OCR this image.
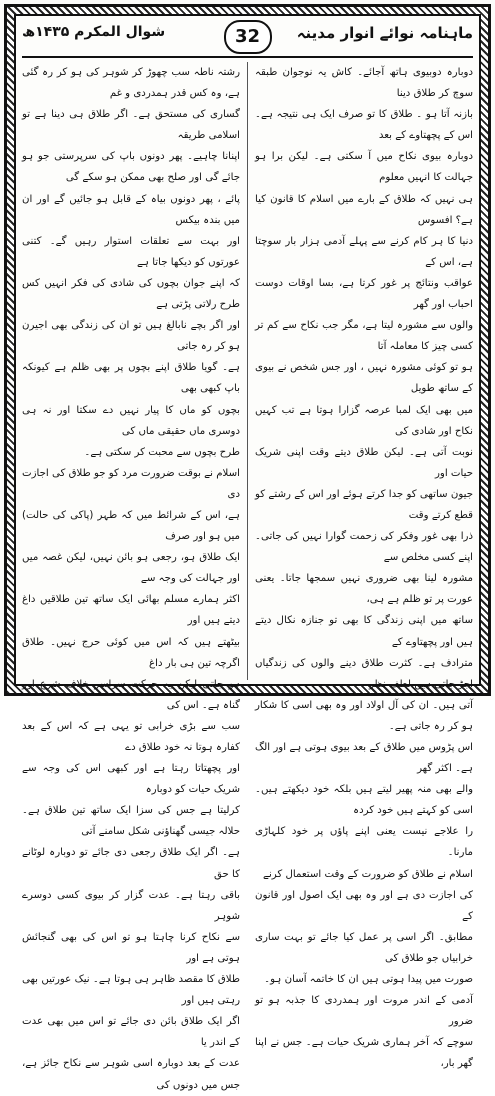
ماہنامہ نوائے انوار مدینہ
32
شوال المکرم ۱۴۳۵ھ

دوبارہ دوبیوی ہاتھ آجائے۔ کاش یہ نوجوان طبقہ سوچ کر طلاق دینا

بازنہ آتا ہو ۔ طلاق کا تو صرف ایک ہی نتیجہ ہے۔ اس کے پچھتاوے کے بعد

دوبارہ بیوی نکاح میں آ سکتی ہے۔ لیکن برا ہو جہالت کا انہیں معلوم

ہی نہیں کہ طلاق کے بارے میں اسلام کا قانون کیا ہے؟ افسوس

دنیا کا ہر کام کرنے سے پہلے آدمی ہزار بار سوچتا ہے، اس کے

عواقب ونتائج پر غور کرتا ہے، بسا اوقات دوست احباب اور گھر

والوں سے مشورہ لیتا ہے، مگر جب نکاح سے کم تر کسی چیز کا معاملہ آتا

ہو تو کوئی مشورہ نہیں ، اور جس شخص نے بیوی کے ساتھ طویل

میں بھی ایک لمبا عرصہ گزارا ہوتا ہے تب کہیں نکاح اور شادی کی

نوبت آتی ہے۔ لیکن طلاق دیتے وقت اپنی شریک حیات اور

جیون ساتھی کو جدا کرتے ہوئے اور اس کے رشتے کو قطع کرتے وقت

ذرا بھی غور وفکر کی زحمت گوارا نہیں کی جاتی۔ اپنے کسی مخلص سے

مشورہ لینا بھی ضروری نہیں سمجھا جاتا۔ یعنی عورت پر تو ظلم ہے ہی،

ساتھ میں اپنی زندگی کا بھی تو جنازہ نکال دیتے ہیں اور پچھتاوے کے

مترادف ہے۔ کثرت طلاق دینے والوں کی زندگیاں اجڑ جاتی ہیں لطف نظر

آتی ہیں۔ ان کی آل اولاد اور وہ بھی اسی کا شکار ہو کر رہ جاتی ہے۔

اس پڑوس میں طلاق کے بعد بیوی ہوتی ہے اور الگ ہے۔ اکثر گھر

والے بھی منہ پھیر لیتے ہیں بلکہ خود دیکھتے ہیں۔ اسی کو کہتے ہیں خود کردہ

را علاجے نیست یعنی اپنے پاؤں پر خود کلہاڑی مارنا۔

اسلام نے طلاق کو ضرورت کے وقت استعمال کرنے

کی اجازت دی ہے اور وہ بھی ایک اصول اور قانون کے

مطابق۔ اگر اسی پر عمل کیا جائے تو بہت ساری خرابیاں جو طلاق کی

صورت میں پیدا ہوتی ہیں ان کا خاتمہ آسان ہو۔

آدمی کے اندر مروت اور ہمدردی کا جذبہ ہو تو ضرور

سوچے کہ آخر ہماری شریک حیات ہے۔ جس نے اپنا گھر بار،

رشتہ ناطہ سب چھوڑ کر شوہر کی ہو کر رہ گئی ہے، وہ کس قدر ہمدردی و غم

گساری کی مستحق ہے۔ اگر طلاق ہی دینا ہے تو اسلامی طریقہ

اپنانا چاہیے۔ پھر دونوں باپ کی سرپرستی جو ہو جائے گی اور صلح بھی ممکن ہو سکے گی

پائے ، پھر دونوں بیاہ کے قابل ہو جائیں گے اور ان میں بندہ بیکس

اور بہت سے تعلقات استوار رہیں گے۔ کتنی عورتوں کو دیکھا جاتا ہے

کہ اپنے جوان بچوں کی شادی کی فکر انہیں کس طرح رلاتی پڑتی ہے

اور اگر بچے نابالغ ہیں تو ان کی زندگی بھی اجیرن ہو کر رہ جاتی

ہے۔ گویا طلاق اپنے بچوں پر بھی ظلم ہے کیونکہ باپ کبھی بھی

بچوں کو ماں کا پیار نہیں دے سکتا اور نہ ہی دوسری ماں حقیقی ماں کی

طرح بچوں سے محبت کر سکتی ہے۔

اسلام نے بوقت ضرورت مرد کو جو طلاق کی اجازت دی

ہے، اس کے شرائط میں کہ طہر (پاکی کی حالت) میں ہو اور صرف

ایک طلاق ہو، رجعی ہو بائن نہیں، لیکن غصہ میں اور جہالت کی وجہ سے

اکثر ہمارے مسلم بھائی ایک ساتھ تین طلاقیں داغ دیتے ہیں اور

بیٹھتے ہیں کہ اس میں کوئی حرج نہیں۔ طلاق اگرچہ تین ہی بار داغ

ہو جاتی لیکن یہ حرکت سراسر خلاف شرع اور گناہ ہے۔ اس کی

سب سے بڑی خرابی تو یہی ہے کہ اس کے بعد کفارہ ہوتا نہ خود طلاق دے

اور پچھتاتا رہتا ہے اور کبھی اس کی وجہ سے شریک حیات کو دوبارہ

کرلیتا ہے جس کی سزا ایک ساتھ تین طلاق ہے۔ حلالہ جیسی گھناؤنی شکل سامنے آتی

ہے۔ اگر ایک طلاق رجعی دی جائے تو دوبارہ لوٹانے کا حق

باقی رہتا ہے۔ عدت گزار کر بیوی کسی دوسرے شوہر

سے نکاح کرنا چاہتا ہو تو اس کی بھی گنجائش ہوتی ہے اور

طلاق کا مقصد ظاہر ہی ہوتا ہے۔ نیک عورتیں بھی رہتی ہیں اور

اگر ایک طلاق بائن دی جائے تو اس میں بھی عدت کے اندر یا

عدت کے بعد دوبارہ اسی شوہر سے نکاح جائز ہے، جس میں دونوں کی
